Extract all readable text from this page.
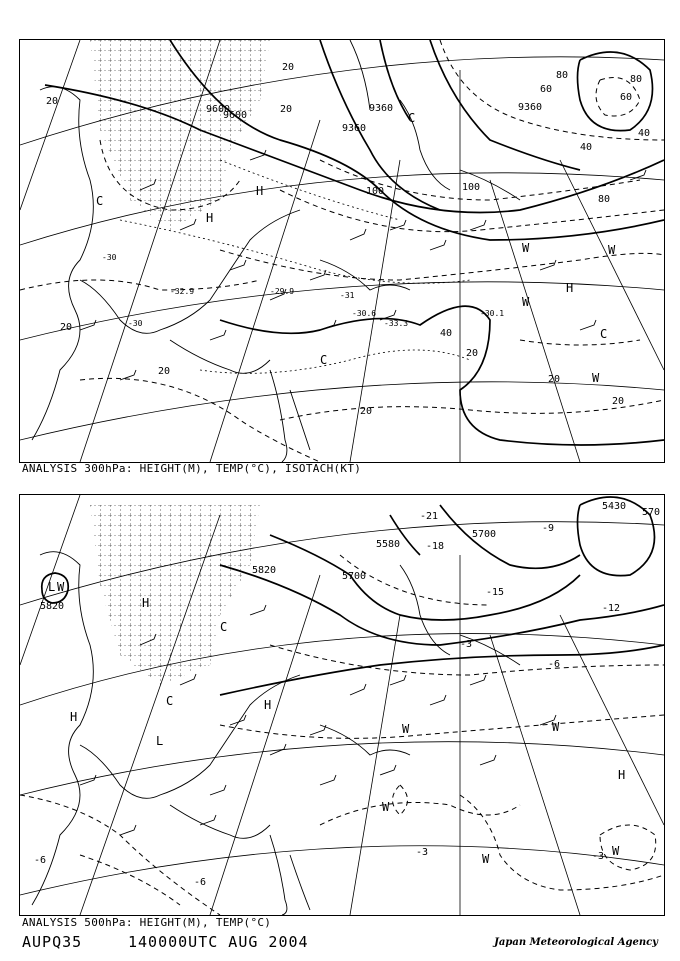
9600
9360
9360	9360
9600
20
20
20
20
20
20
20
20
20
40
40
40
60
60
80
80
80
100	100
-30
-30
-31
-30.6	-30.1
-29.9
-33.3
-32.9
H
H
H
C
C
C
C
W
W
W
W
ANALYSIS 300hPa: HEIGHT(M), TEMP(°C), ISOTACH(KT)
5820
5820
5700
5700
5580
5430
570
-21
-18
-15
-12
-9
-6
-6
-6
-3	-3
-3
L W
H
H
L
C
C
W	W
W
W
W
H
H
ANALYSIS 500hPa: HEIGHT(M), TEMP(°C)
AUPQ35	140000UTC AUG 2004	Japan Meteorological Agency
